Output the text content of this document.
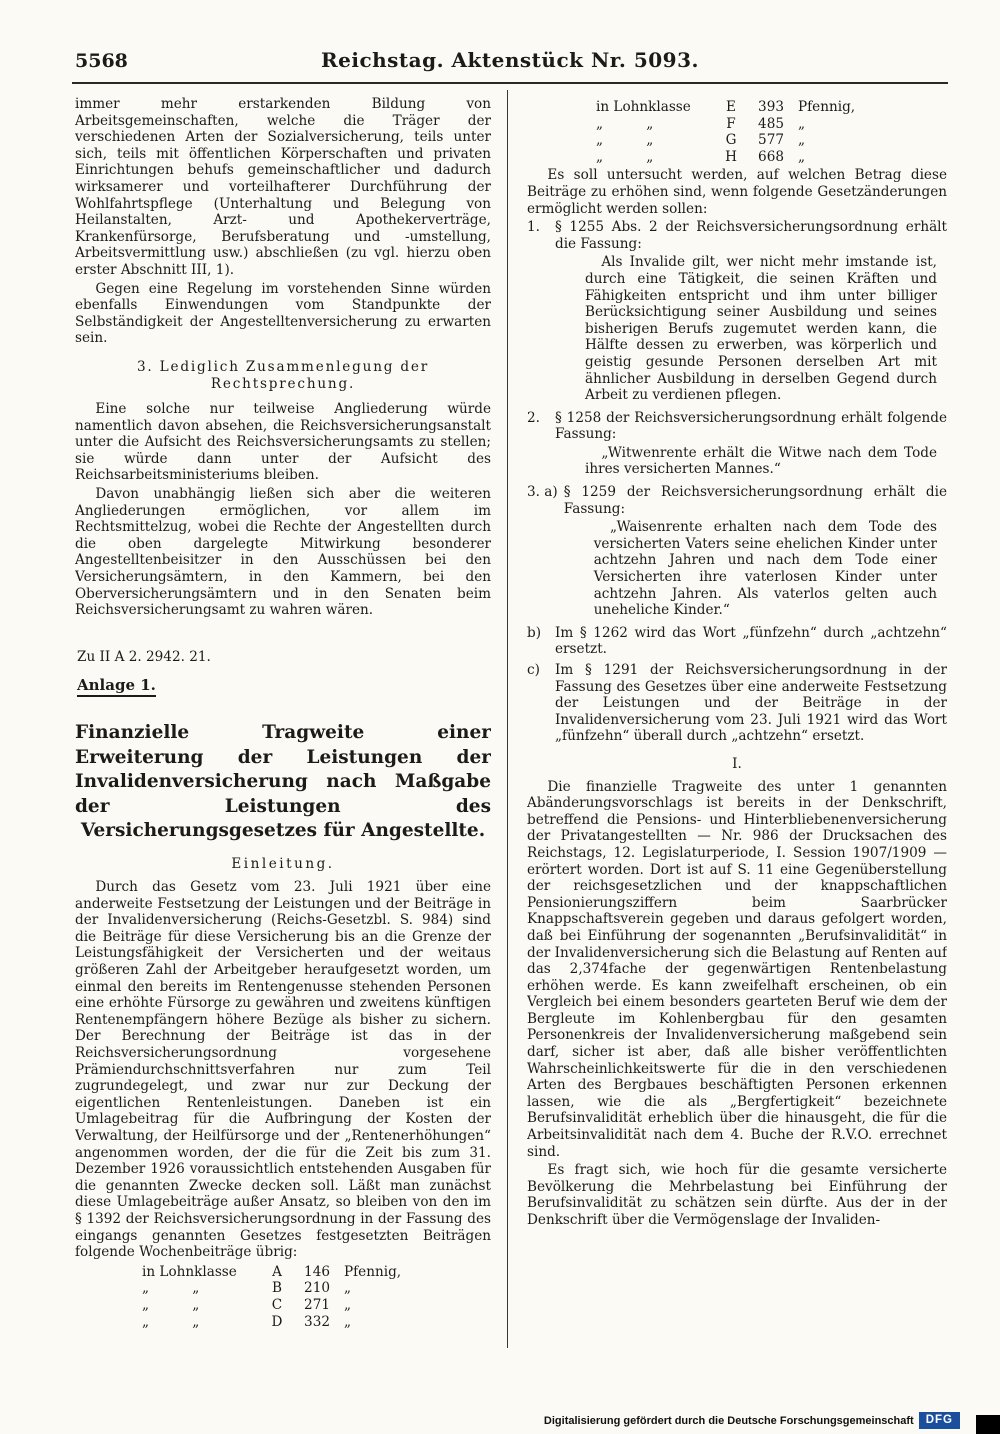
5568	Reichstag. Aktenstück Nr. 5093.

immer mehr erstarkenden Bildung von Arbeitsgemeinschaften, welche die Träger der verschiedenen Arten der Sozialversicherung, teils unter sich, teils mit öffentlichen Körperschaften und privaten Einrichtungen behufs gemeinschaftlicher und dadurch wirksamerer und vorteilhafterer Durchführung der Wohlfahrtspflege (Unterhaltung und Belegung von Heilanstalten, Arzt- und Apothekerverträge, Krankenfürsorge, Berufsberatung und -umstellung, Arbeitsvermittlung usw.) abschließen (zu vgl. hierzu oben erster Abschnitt III, 1).

Gegen eine Regelung im vorstehenden Sinne würden ebenfalls Einwendungen vom Standpunkte der Selbständigkeit der Angestelltenversicherung zu erwarten sein.

3. Lediglich Zusammenlegung der Rechtsprechung.

Eine solche nur teilweise Angliederung würde namentlich davon absehen, die Reichsversicherungsanstalt unter die Aufsicht des Reichsversicherungsamts zu stellen; sie würde dann unter der Aufsicht des Reichsarbeitsministeriums bleiben.

Davon unabhängig ließen sich aber die weiteren Angliederungen ermöglichen, vor allem im Rechtsmittelzug, wobei die Rechte der Angestellten durch die oben dargelegte Mitwirkung besonderer Angestelltenbeisitzer in den Ausschüssen bei den Versicherungsämtern, in den Kammern, bei den Oberversicherungsämtern und in den Senaten beim Reichsversicherungsamt zu wahren wären.

Zu II A 2. 2942. 21.

Anlage 1.

Finanzielle Tragweite einer Erweiterung der Leistungen der Invalidenversicherung nach Maßgabe der Leistungen des Versicherungsgesetzes für Angestellte.

Einleitung.

Durch das Gesetz vom 23. Juli 1921 über eine anderweite Festsetzung der Leistungen und der Beiträge in der Invalidenversicherung (Reichs-Gesetzbl. S. 984) sind die Beiträge für diese Versicherung bis an die Grenze der Leistungsfähigkeit der Versicherten und der weitaus größeren Zahl der Arbeitgeber heraufgesetzt worden, um einmal den bereits im Rentengenusse stehenden Personen eine erhöhte Fürsorge zu gewähren und zweitens künftigen Rentenempfängern höhere Bezüge als bisher zu sichern. Der Berechnung der Beiträge ist das in der Reichsversicherungsordnung vorgesehene Prämiendurchschnittsverfahren nur zum Teil zugrundegelegt, und zwar nur zur Deckung der eigentlichen Rentenleistungen. Daneben ist ein Umlagebeitrag für die Aufbringung der Kosten der Verwaltung, der Heilfürsorge und der „Rentenerhöhungen“ angenommen worden, der die für die Zeit bis zum 31. Dezember 1926 voraussichtlich entstehenden Ausgaben für die genannten Zwecke decken soll. Läßt man zunächst diese Umlagebeiträge außer Ansatz, so bleiben von den im § 1392 der Reichsversicherungsordnung in der Fassung des eingangs genannten Gesetzes festgesetzten Beiträgen folgende Wochenbeiträge übrig:

in Lohnklasse	A	146	Pfennig,
„          „	B	210	„
„          „	C	271	„
„          „	D	332	„
in Lohnklasse	E	393	Pfennig,
„          „	F	485	„
„          „	G	577	„
„          „	H	668	„

Es soll untersucht werden, auf welchen Betrag diese Beiträge zu erhöhen sind, wenn folgende Gesetzänderungen ermöglicht werden sollen:

1.	§ 1255 Abs. 2 der Reichsversicherungsordnung erhält die Fassung:

Als Invalide gilt, wer nicht mehr imstande ist, durch eine Tätigkeit, die seinen Kräften und Fähigkeiten entspricht und ihm unter billiger Berücksichtigung seiner Ausbildung und seines bisherigen Berufs zugemutet werden kann, die Hälfte dessen zu erwerben, was körperlich und geistig gesunde Personen derselben Art mit ähnlicher Ausbildung in derselben Gegend durch Arbeit zu verdienen pflegen.

2.	§ 1258 der Reichsversicherungsordnung erhält folgende Fassung:

„Witwenrente erhält die Witwe nach dem Tode ihres versicherten Mannes.“

3. a) § 1259 der Reichsversicherungsordnung erhält die Fassung:

„Waisenrente erhalten nach dem Tode des versicherten Vaters seine ehelichen Kinder unter achtzehn Jahren und nach dem Tode einer Versicherten ihre vaterlosen Kinder unter achtzehn Jahren. Als vaterlos gelten auch uneheliche Kinder.“

b)	Im § 1262 wird das Wort „fünfzehn“ durch „achtzehn“ ersetzt.

c)	Im § 1291 der Reichsversicherungsordnung in der Fassung des Gesetzes über eine anderweite Festsetzung der Leistungen und der Beiträge in der Invalidenversicherung vom 23. Juli 1921 wird das Wort „fünfzehn“ überall durch „achtzehn“ ersetzt.

I.

Die finanzielle Tragweite des unter 1 genannten Abänderungsvorschlags ist bereits in der Denkschrift, betreffend die Pensions- und Hinterbliebenenversicherung der Privatangestellten — Nr. 986 der Drucksachen des Reichstags, 12. Legislaturperiode, I. Session 1907/1909 — erörtert worden. Dort ist auf S. 11 eine Gegenüberstellung der reichsgesetzlichen und der knappschaftlichen Pensionierungsziffern beim Saarbrücker Knappschaftsverein gegeben und daraus gefolgert worden, daß bei Einführung der sogenannten „Berufsinvalidität“ in der Invalidenversicherung sich die Belastung auf Renten auf das 2,374fache der gegenwärtigen Rentenbelastung erhöhen werde. Es kann zweifelhaft erscheinen, ob ein Vergleich bei einem besonders gearteten Beruf wie dem der Bergleute im Kohlenbergbau für den gesamten Personenkreis der Invalidenversicherung maßgebend sein darf, sicher ist aber, daß alle bisher veröffentlichten Wahrscheinlichkeitswerte für die in den verschiedenen Arten des Bergbaues beschäftigten Personen erkennen lassen, wie die als „Bergfertigkeit“ bezeichnete Berufsinvalidität erheblich über die hinausgeht, die für die Arbeitsinvalidität nach dem 4. Buche der R.V.O. errechnet sind.

Es fragt sich, wie hoch für die gesamte versicherte Bevölkerung die Mehrbelastung bei Einführung der Berufsinvalidität zu schätzen sein dürfte. Aus der in der Denkschrift über die Vermögenslage der Invaliden-

Digitalisierung gefördert durch die Deutsche Forschungsgemeinschaft	DFG
